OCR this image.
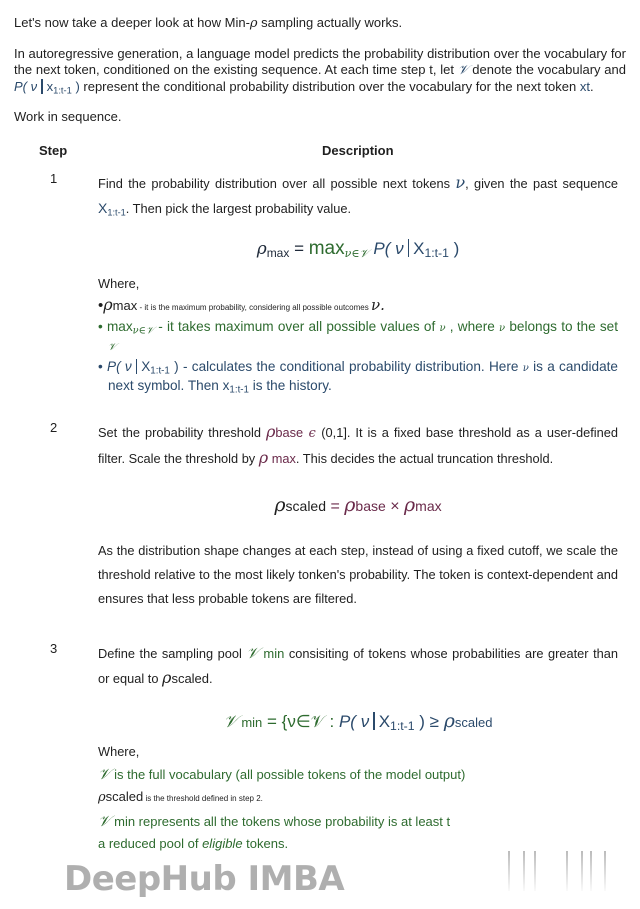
Let's now take a deeper look at how Min-ρ sampling actually works.
In autoregressive generation, a language model predicts the probability distribution over the vocabulary for the next token, conditioned on the existing sequence. At each time step t, let 𝒱 denote the vocabulary and P( ν $x_{1:t-1}$ ) represent the conditional probability distribution over the vocabulary for the next token xt.
Work in sequence.
Step	Description
1	Find the probability distribution over all possible next tokens ν, given the past sequence $X_{1:t-1}$. Then pick the largest probability value.

$\rho_{max} = \max_{\nu\in 𝒱} P$( ν $X_{1:t-1}$ )
Where,
•ρmax - it is the maximum probability, considering all possible outcomes ν.
• $\max_{\nu\in 𝒱}$ - it takes maximum over all possible values of ν , where ν belongs to the set 𝒱
• P( ν $X_{1:t-1}$ ) - calculates the conditional probability distribution. Here ν is a candidate next symbol. Then $x_{1:t-1}$ is the history.
2	Set the probability threshold ρbase ϵ (0,1]. It is a fixed base threshold as a user-defined filter. Scale the threshold by ρ max. This decides the actual truncation threshold.

ρscaled = ρbase × ρmax

As the distribution shape changes at each step, instead of using a fixed cutoff, we scale the threshold relative to the most likely tonken's probability. The token is context-dependent and ensures that less probable tokens are filtered.

3	Define the sampling pool 𝒱 min consisiting of tokens whose probabilities are greater than or equal to ρscaled.

𝒱 min = {ν∈𝒱 : P( ν $X_{1:t-1}$ ) ≥ ρscaled
Where,
𝒱 is the full vocabulary (all possible tokens of the model output)
ρscaled is the threshold defined in step 2.
𝒱 min represents all the tokens whose probability is at least t
a reduced pool of eligible tokens.
DeepHub IMBA
